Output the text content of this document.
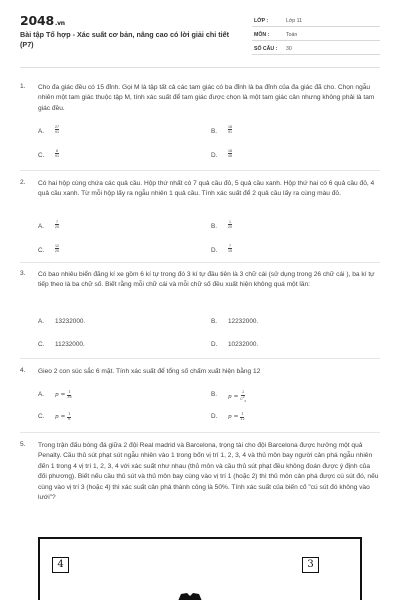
2048.vn
Bài tập Tổ hợp - Xác suất cơ bản, nâng cao có lời giải chi tiết (P7)
LỚP :	Lớp 11
MÔN :	Toán
SỐ CÂU : 30
1. Cho đa giác đều có 15 đỉnh. Gọi M là tập tất cả các tam giác có ba đỉnh là ba đỉnh của đa giác đã cho. Chọn ngẫu nhiên một tam giác thuộc tập M, tính xác suất để tam giác được chọn là một tam giác cân nhưng không phải là tam giác đều.
A.
27
91	B.
18
91
C.
8
91	D.
18
45
2. Có hai hộp cùng chứa các quả cầu. Hộp thứ nhất có 7 quả cầu đỏ, 5 quả cầu xanh. Hộp thứ hai có 6 quả cầu đỏ, 4 quả cầu xanh. Từ mỗi hộp lấy ra ngẫu nhiên 1 quả cầu. Tính xác suất để 2 quả cầu lấy ra cùng màu đỏ.
A.
7
20	B.
1
20
C.
12
20	D.
7
15
3. Có bao nhiêu biển đăng kí xe gồm 6 kí tự trong đó 3 kí tự đầu tiên là 3 chữ cái (sử dụng trong 26 chữ cái ), ba kí tự tiếp theo là ba chữ số. Biết rằng mỗi chữ cái và mỗi chữ số đều xuất hiện không quá một lần:
A. 13232000.	B. 12232000.
C. 11232000.	D. 10232000.
4. Gieo 2 con súc sắc 6 mặt. Tính xác suất để tổng số chấm xuất hiện bằng 12
A. p =
1
36	B. p =
2
$C^2_6$
C. p =
1
6	D. p =
1
12
5. Trong trận đấu bóng đá giữa 2 đội Real madrid và Barcelona, trọng tài cho đội Barcelona được hưởng một quả Penalty. Cầu thủ sút phạt sút ngẫu nhiên vào 1 trong bốn vị trí 1, 2, 3, 4 và thủ môn bay người cản phá ngẫu nhiên đến 1 trong 4 vị trí 1, 2, 3, 4 với xác suất như nhau (thủ môn và cầu thủ sút phạt đều không đoán được ý định của đối phương). Biết nếu cầu thủ sút và thủ môn bay cùng vào vị trí 1 (hoặc 2) thì thủ môn cản phá được cú sút đó, nếu cùng vào vị trí 3 (hoặc 4) thì xác suất cản phá thành công là 50%. Tính xác suất của biến cố "cú sút đó không vào lưới"?
4	3
